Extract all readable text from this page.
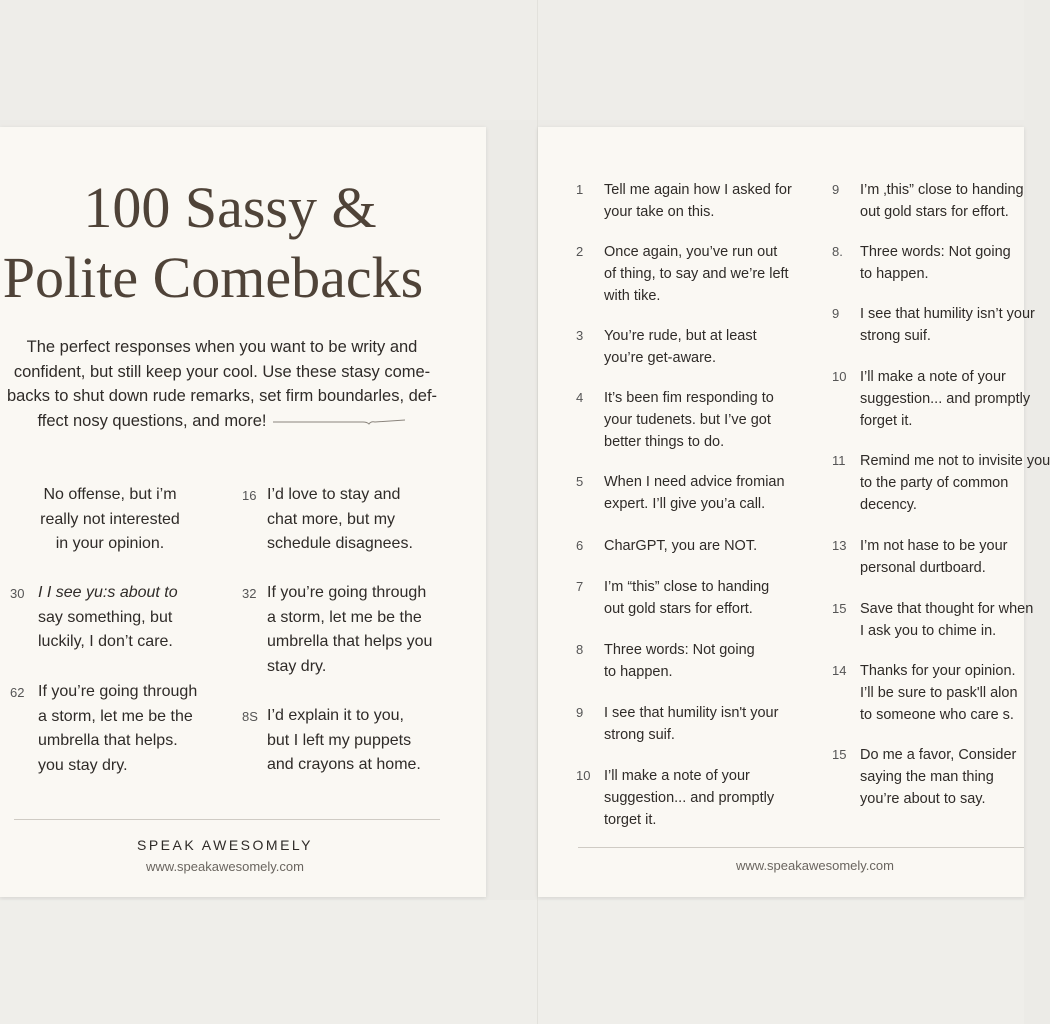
100 Sassy &
Polite Comebacks
The perfect responses when you want to be writy and
confident, but still keep your cool. Use these stasy come-
backs to shut down rude remarks, set firm boundarles, def-
ffect nosy questions, and more!
No offense, but i’m
really not interested
in your opinion.
16 I’d love to stay and
chat more, but my
schedule disagnees.
30 I I see yu:s about to
say something, but
luckily, I don’t care.
32 If you’re going through
a storm, let me be the
umbrella that helps you
stay dry.
62 If you’re going through
a storm, let me be the
umbrella that helps.
you stay dry.
8S I’d explain it to you,
but I left my puppets
and crayons at home.
SPEAK AWESOMELY
www.speakawesomely.com
1 Tell me again how I asked for
your take on this.
2 Once again, you’ve run out
of thing, to say and we’re left
with tike.
3 You’re rude, but at least
you’re get-aware.
4 It’s been fim responding to
your tudenets. but I’ve got
better things to do.
5 When I need advice fromian
expert. I’ll give you’a call.
6 CharGPT, you are NOT.
7 I’m “this” close to handing
out gold stars for effort.
8 Three words: Not going
to happen.
9 I see that humility isn't your
strong suif.
10 I’ll make a note of your
suggestion... and promptly
torget it.
9 I’m ‚this” close to handing
out gold stars for effort.
8. Three words: Not going
to happen.
9 I see that humility isn’t your
strong suif.
10 I’ll make a note of your
suggestion... and promptly
forget it.
11 Remind me not to invisite you
to the party of common
decency.
13 I’m not hase to be your
personal durtboard.
15 Save that thought for when
I ask you to chime in.
14 Thanks for your opinion.
I’ll be sure to pask'll alon
to someone who care s.
15 Do me a favor, Consider
saying the man thing
you’re about to say.
www.speakawesomely.com
